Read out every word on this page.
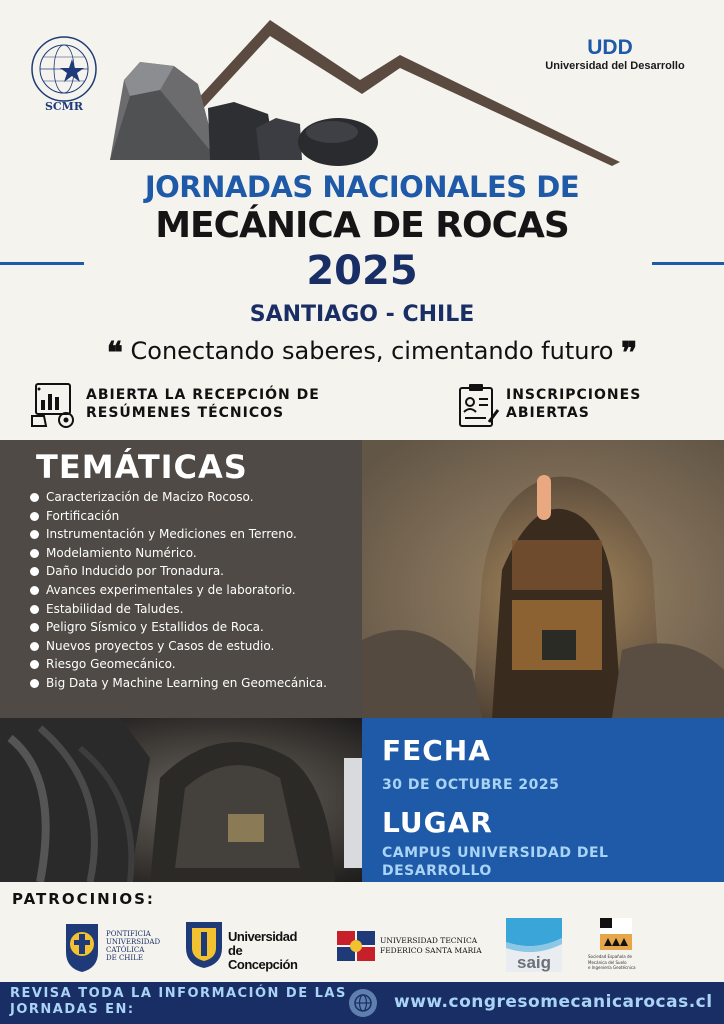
SCMR
UDD
Universidad del Desarrollo
JORNADAS NACIONALES DE
MECÁNICA DE ROCAS
2025
SANTIAGO - CHILE
❝ Conectando saberes, cimentando futuro ❞
ABIERTA LA RECEPCIÓN DE
RESÚMENES TÉCNICOS
INSCRIPCIONES
ABIERTAS
TEMÁTICAS
Caracterización de Macizo Rocoso.
Fortificación
Instrumentación y Mediciones en Terreno.
Modelamiento Numérico.
Daño Inducido por Tronadura.
Avances experimentales y de laboratorio.
Estabilidad de Taludes.
Peligro Sísmico y Estallidos de Roca.
Nuevos proyectos y Casos de estudio.
Riesgo Geomecánico.
Big Data y Machine Learning en Geomecánica.
FECHA
30 DE OCTUBRE 2025
LUGAR
CAMPUS UNIVERSIDAD DEL
DESARROLLO
PATROCINIOS:
PONTIFICIA
UNIVERSIDAD
CATÓLICA
DE CHILE
Universidad
de Concepción
UNIVERSIDAD TECNICA
FEDERICO SANTA MARIA
saig	Sociedad Española de
Mecánica del Suelo
e Ingeniería Geotécnica
REVISA TODA LA INFORMACIÓN DE LAS
JORNADAS EN:	www.congresomecanicarocas.cl
